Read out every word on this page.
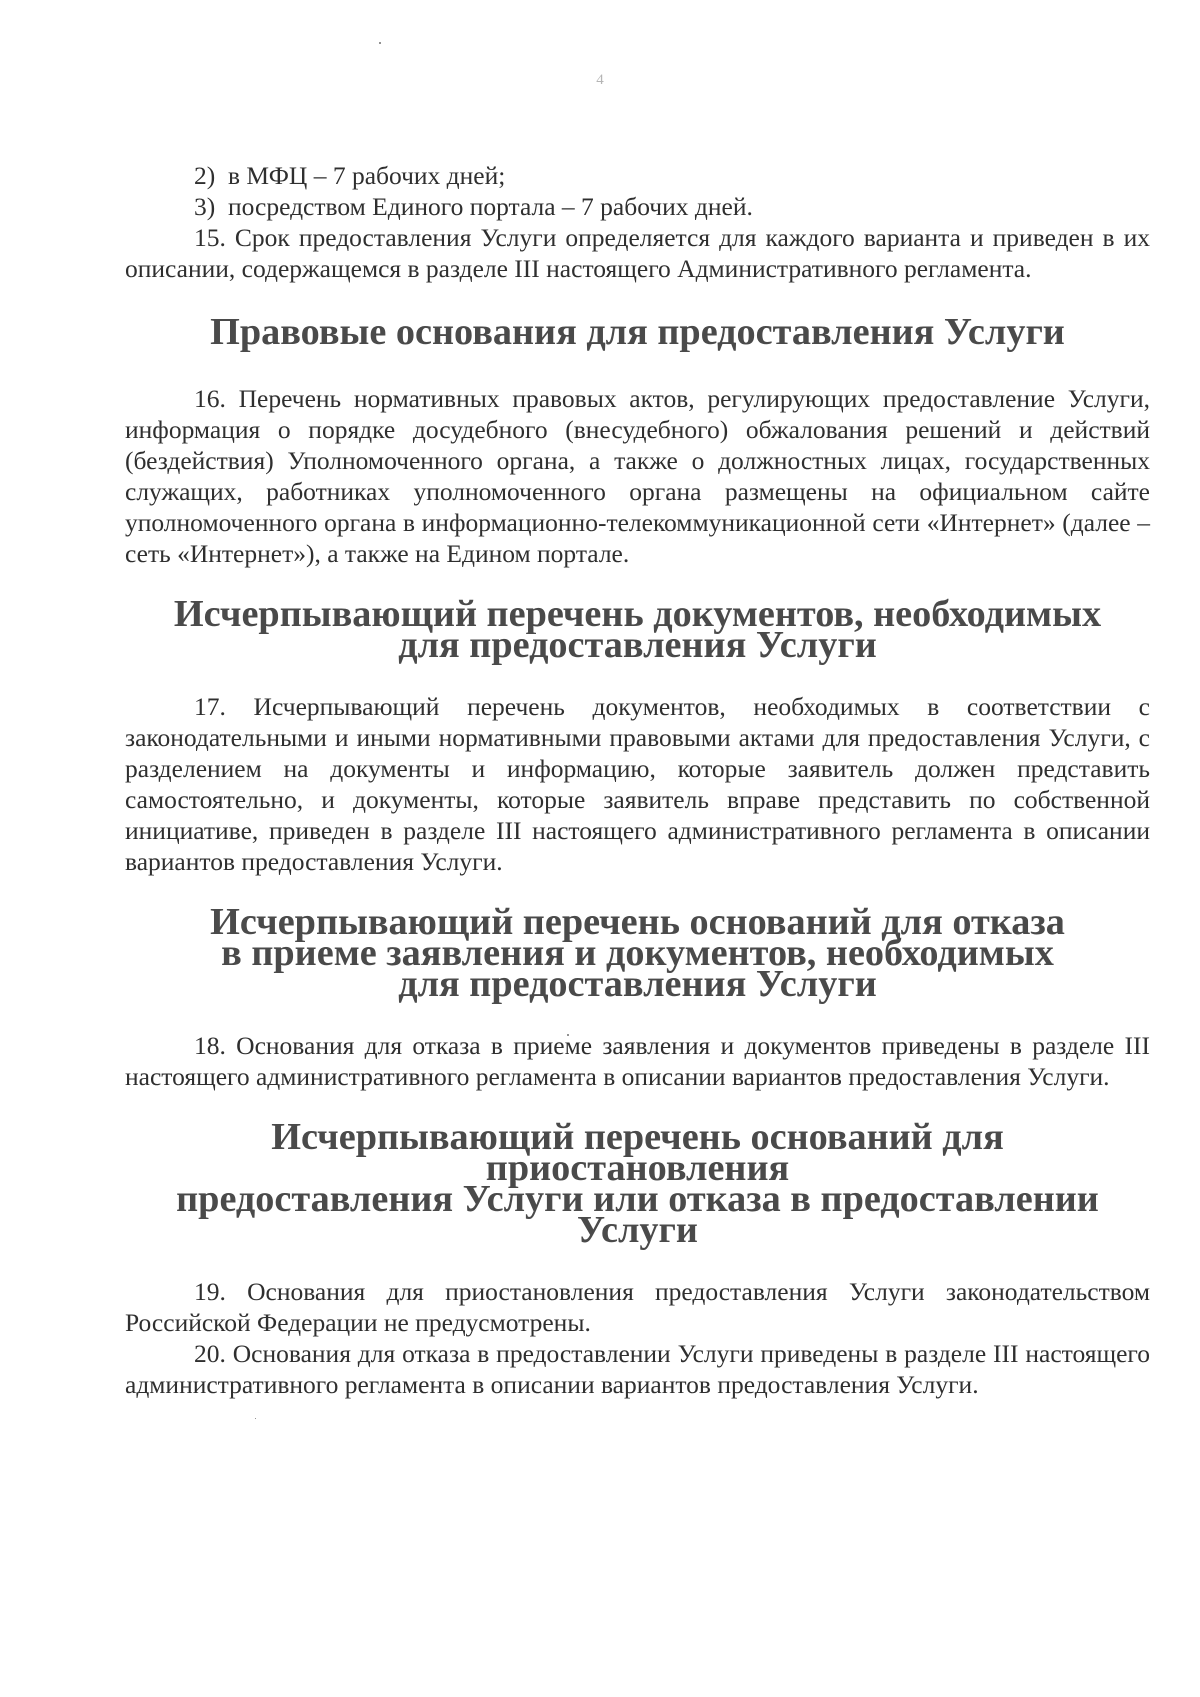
4

2) в МФЦ – 7 рабочих дней;

3) посредством Единого портала – 7 рабочих дней.

15. Срок предоставления Услуги определяется для каждого варианта и приведен в их описании, содержащемся в разделе III настоящего Административного регламента.

Правовые основания для предоставления Услуги

16. Перечень нормативных правовых актов, регулирующих предоставление Услуги, информация о порядке досудебного (внесудебного) обжалования решений и действий (бездействия) Уполномоченного органа, а также о должностных лицах, государственных служащих, работниках уполномоченного органа размещены на официальном сайте уполномоченного органа в информационно-телекоммуникационной сети «Интернет» (далее – сеть «Интернет»), а также на Едином портале.

Исчерпывающий перечень документов, необходимых
для предоставления Услуги

17. Исчерпывающий перечень документов, необходимых в соответствии с законодательными и иными нормативными правовыми актами для предоставления Услуги, с разделением на документы и информацию, которые заявитель должен представить самостоятельно, и документы, которые заявитель вправе представить по собственной инициативе, приведен в разделе III настоящего административного регламента в описании вариантов предоставления Услуги.

Исчерпывающий перечень оснований для отказа
в приеме заявления и документов, необходимых
для предоставления Услуги

18. Основания для отказа в приеме заявления и документов приведены в разделе III настоящего административного регламента в описании вариантов предоставления Услуги.

Исчерпывающий перечень оснований для приостановления
предоставления Услуги или отказа в предоставлении Услуги

19. Основания для приостановления предоставления Услуги законодательством Российской Федерации не предусмотрены.

20. Основания для отказа в предоставлении Услуги приведены в разделе III настоящего административного регламента в описании вариантов предоставления Услуги.
